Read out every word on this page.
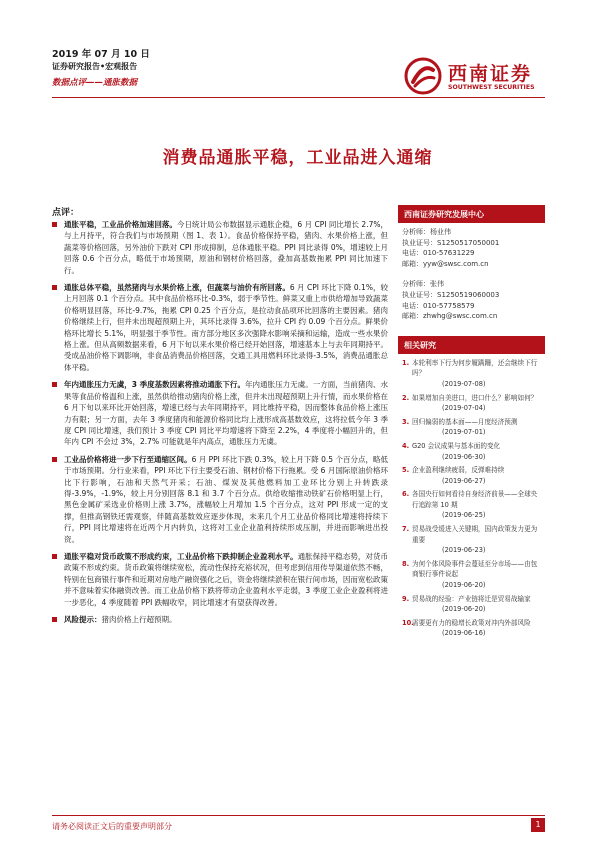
2019 年 07 月 10 日
证券研究报告•宏观报告
数据点评——通胀数据	西南证券
SOUTHWEST SECURITIES
消费品通胀平稳，工业品进入通缩
点评：
通胀平稳，工业品价格加速回落。今日统计局公布数据显示通胀企稳，6 月 CPI 同比增长 2.7%，与上月持平，符合我们与市场预期（图 1、表 1）。食品价格保持平稳，猪肉、水果价格上涨，但蔬菜等价格回落，另外油价下跌对 CPI 形成抑制，总体通胀平稳。PPI 同比录得 0%，增速较上月回落 0.6 个百分点，略低于市场预期，原油和钢材价格回落，叠加高基数拖累 PPI 同比加速下行。
通胀总体平稳，虽然猪肉与水果价格上涨，但蔬菜与油价有所回落。6 月 CPI 环比下降 0.1%，较上月回落 0.1 个百分点。其中食品价格环比-0.3%，弱于季节性。鲜菜又重上市供给增加导致蔬菜价格明显回落，环比-9.7%，拖累 CPI 0.25 个百分点，是拉动食品项环比回落的主要因素。猪肉价格继续上行，但并未出现超预期上升，其环比录得 3.6%，拉升 CPI 约 0.09 个百分点。鲜果价格环比增长 5.1%，明显强于季节性。南方部分地区多次强降水影响采摘和运输，造成一些水果价格上涨。但从高频数据来看，6 月下旬以来水果价格已经开始回落，增速基本上与去年同期持平。受成品油价格下调影响，非食品消费品价格回落，交通工具用燃料环比录得-3.5%，消费品通胀总体平稳。
年内通胀压力无虞，3 季度基数因素将推动通胀下行。年内通胀压力无虞。一方面，当前猪肉、水果等食品价格温和上涨，虽然供给推动猪肉价格上涨，但并未出现超预期上升行情，而水果价格在 6 月下旬以来环比开始回落，增速已经与去年同期持平，同比维持平稳，因而整体食品价格上涨压力有限；另一方面，去年 3 季度猪肉和能源价格同比均上涨形成高基数效应，这将拉低今年 3 季度 CPI 同比增速，我们预计 3 季度 CPI 同比平均增速将下降至 2.2%，4 季度将小幅回升的，但年内 CPI 不会过 3%，2.7% 可能就是年内高点，通胀压力无虞。
工业品价格将进一步下行至通缩区间。6 月 PPI 环比下跌 0.3%，较上月下降 0.5 个百分点，略低于市场预期。分行业来看，PPI 环比下行主要受石油、钢材价格下行拖累。受 6 月国际原油价格环比下行影响，石油和天然气开采；石油、煤炭及其他燃料加工业环比分别上升转跌录得-3.9%，-1.9%，较上月分别回落 8.1 和 3.7 个百分点。供给收缩推动铁矿石价格明显上行，黑色金属矿采选业价格则上涨 3.7%，涨幅较上月增加 1.5 个百分点，这对 PPI 形成一定的支撑，但推高钢铁还需观察，伴随高基数效应逐步体现，未来几个月工业品价格同比增速将持续下行，PPI 同比增速将在近两个月内转负，这将对工业企业盈利持续形成压制，并进而影响进出投资。
通胀平稳对货币政策不形成约束，工业品价格下跌抑制企业盈利水平。通胀保持平稳态势，对货币政策不形成约束。货币政策将继续宽松，流动性保持充裕状况，但考虑到信用传导渠道依然不畅，特别在包商银行事件和近期对房地产融资强化之后，资金将继续淤积在银行间市场，因而宽松政策并不意味着实体融资改善。而工业品价格下跌将带动企业盈利水平走弱，3 季度工业企业盈利将进一步恶化，4 季度随着 PPI 跌幅收窄，同比增速才有望获得改善。
风险提示：猪肉价格上行超预期。
西南证券研究发展中心
分析师：杨业伟
执业证号：S1250517050001
电话：010-57631229
邮箱：yyw@swsc.com.cn
分析师：张伟
执业证号：S1250519060003
电话：010-57758579
邮箱：zhwhg@swsc.com.cn
相关研究
1. 本轮利率下行为何步履蹒跚，还会继续下行吗？
(2019-07-08)
2. 如果增加自美进口，进口什么？影响如何？
(2019-07-04)
3. 回归偏弱的基本面——月度经济预测
(2019-07-01)
4. G20 会议成果与基本面的变化
(2019-06-30)
5. 企业盈利继续疲弱，反弹难持续
(2019-06-27)
6. 各国央行如何看待自身经济前景——全球央行追踪第 10 期
(2019-06-25)
7. 贸易战受缓进入关键期，国内政策发力更为重要
(2019-06-23)
8. 为何个体风险事件会蔓延至分市场——由包商银行事件说起
(2019-06-20)
9. 贸易战的经验：产业链将迁是贸易战输家
(2019-06-20)
10.
需要更有力的稳增长政策对冲内外部风险
(2019-06-16)
请务必阅读正文后的重要声明部分	1
